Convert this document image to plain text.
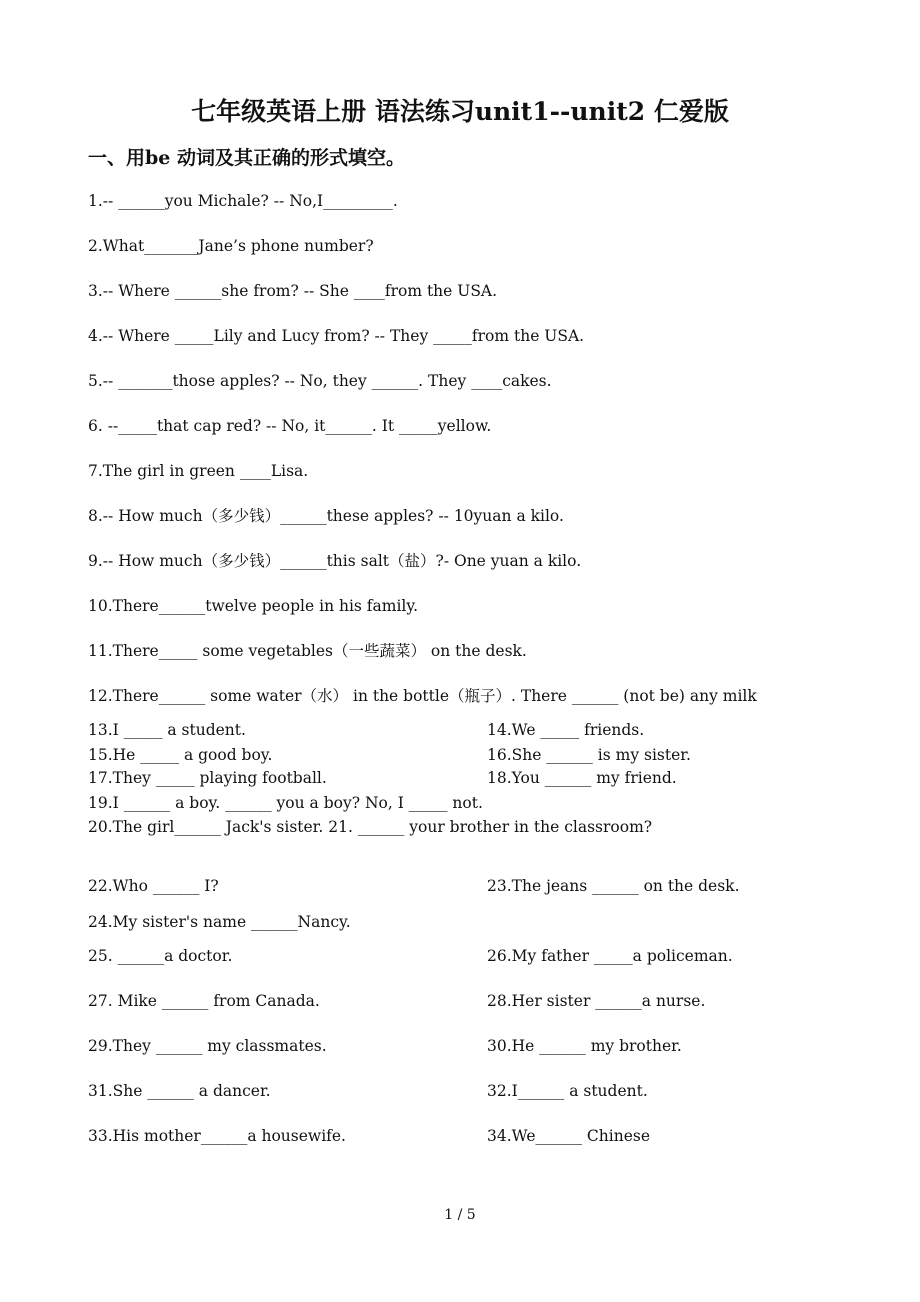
七年级英语上册 语法练习unit1--unit2 仁爱版
一、用be 动词及其正确的形式填空。
1.-- ______you Michale? -- No,I_________.
2.What_______Jane’s phone number?
3.-- Where ______she from? -- She ____from the USA.
4.-- Where _____Lily and Lucy from? -- They _____from the USA.
5.-- _______those apples? -- No, they ______. They ____cakes.
6. --_____that cap red? -- No, it______. It _____yellow.
7.The girl in green ____Lisa.
8.-- How much（多少钱）______these apples? -- 10yuan a kilo.
9.-- How much（多少钱）______this salt（盐）?- One yuan a kilo.
10.There______twelve people in his family.
11.There_____ some vegetables（一些蔬菜） on the desk.
12.There______ some water（水） in the bottle（瓶子）. There ______ (not be) any milk
13.I _____ a student.	14.We _____ friends.
15.He _____ a good boy.	16.She ______ is my sister.
17.They _____ playing football.	18.You ______ my friend.
19.I ______ a boy. ______ you a boy? No, I _____ not.
20.The girl______ Jack's sister. 21. ______ your brother in the classroom?
22.Who ______ I?	23.The jeans ______ on the desk.
24.My sister's name ______Nancy.
25. ______a doctor.	26.My father _____a policeman.
27. Mike ______ from Canada.	28.Her sister ______a nurse.
29.They ______ my classmates.	30.He ______ my brother.
31.She ______ a dancer.	32.I______ a student.
33.His mother______a housewife.	34.We______ Chinese
1 / 5
